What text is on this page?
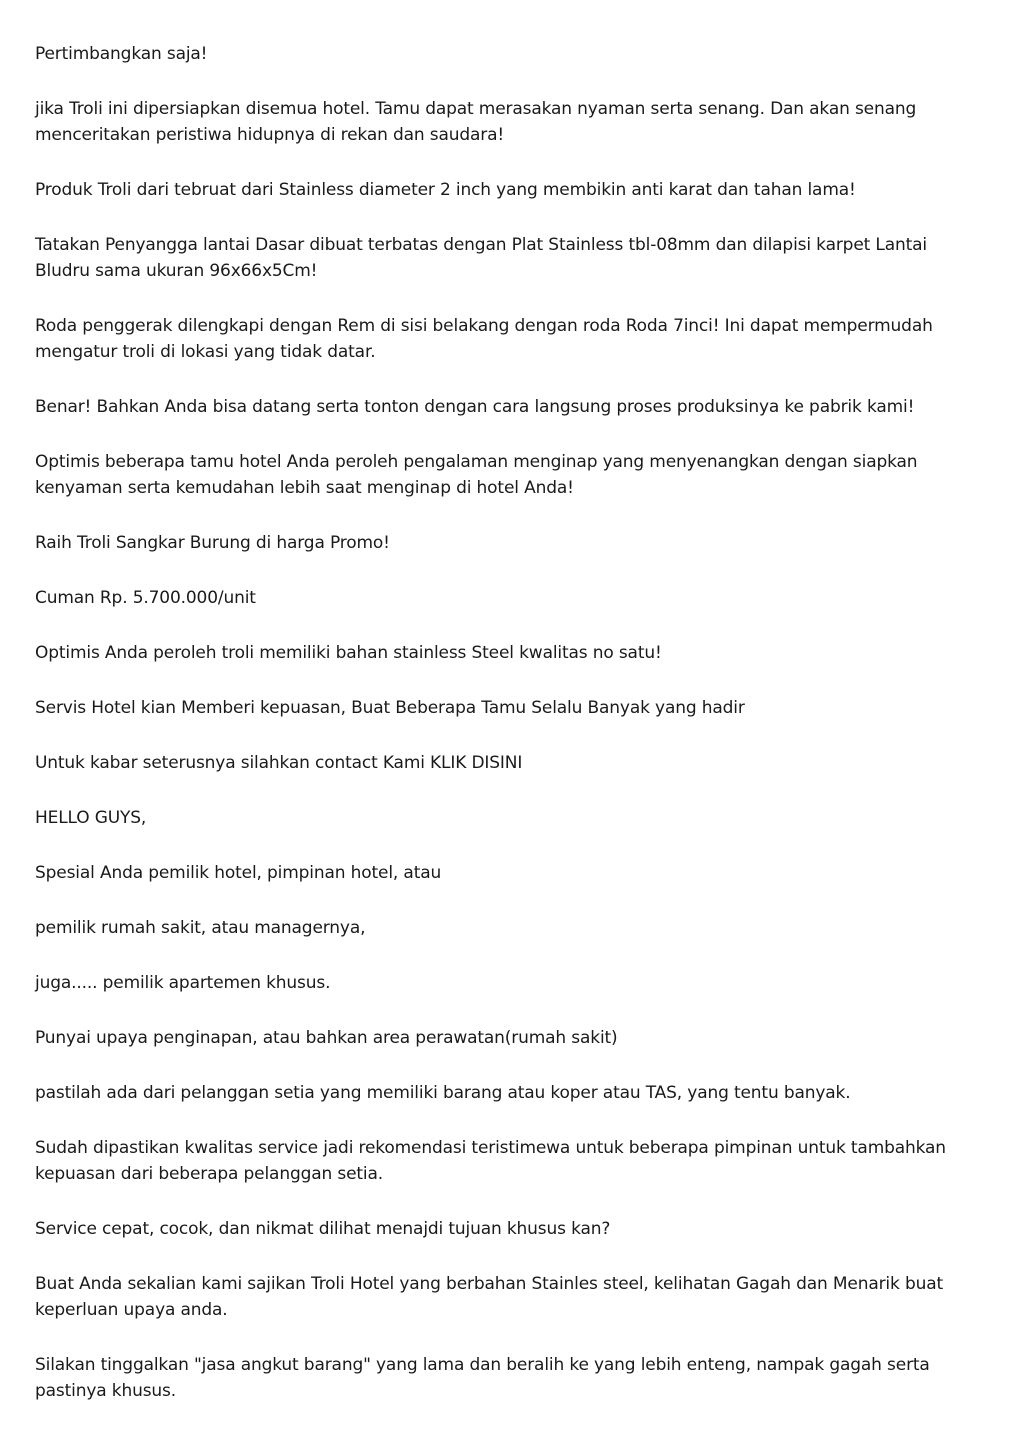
Pertimbangkan saja!

jika Troli ini dipersiapkan disemua hotel. Tamu dapat merasakan nyaman serta senang. Dan akan senang menceritakan peristiwa hidupnya di rekan dan saudara!

Produk Troli dari tebruat dari Stainless diameter 2 inch yang membikin anti karat dan tahan lama!

Tatakan Penyangga lantai Dasar dibuat terbatas dengan Plat Stainless tbl-08mm dan dilapisi karpet Lantai Bludru sama ukuran 96x66x5Cm!

Roda penggerak dilengkapi dengan Rem di sisi belakang dengan roda Roda 7inci! Ini dapat mempermudah mengatur troli di lokasi yang tidak datar.

Benar! Bahkan Anda bisa datang serta tonton dengan cara langsung proses produksinya ke pabrik kami!

Optimis beberapa tamu hotel Anda peroleh pengalaman menginap yang menyenangkan dengan siapkan kenyaman serta kemudahan lebih saat menginap di hotel Anda!

Raih Troli Sangkar Burung di harga Promo!

Cuman Rp. 5.700.000/unit

Optimis Anda peroleh troli memiliki bahan stainless Steel kwalitas no satu!

Servis Hotel kian Memberi kepuasan, Buat Beberapa Tamu Selalu Banyak yang hadir

Untuk kabar seterusnya silahkan contact Kami KLIK DISINI

HELLO GUYS,

Spesial Anda pemilik hotel, pimpinan hotel, atau

pemilik rumah sakit, atau managernya,

juga..... pemilik apartemen khusus.

Punyai upaya penginapan, atau bahkan area perawatan(rumah sakit)

pastilah ada dari pelanggan setia yang memiliki barang atau koper atau TAS, yang tentu banyak.

Sudah dipastikan kwalitas service jadi rekomendasi teristimewa untuk beberapa pimpinan untuk tambahkan kepuasan dari beberapa pelanggan setia.

Service cepat, cocok, dan nikmat dilihat menajdi tujuan khusus kan?

Buat Anda sekalian kami sajikan Troli Hotel yang berbahan Stainles steel, kelihatan Gagah dan Menarik buat keperluan upaya anda.

Silakan tinggalkan "jasa angkut barang" yang lama dan beralih ke yang lebih enteng, nampak gagah serta pastinya khusus.
